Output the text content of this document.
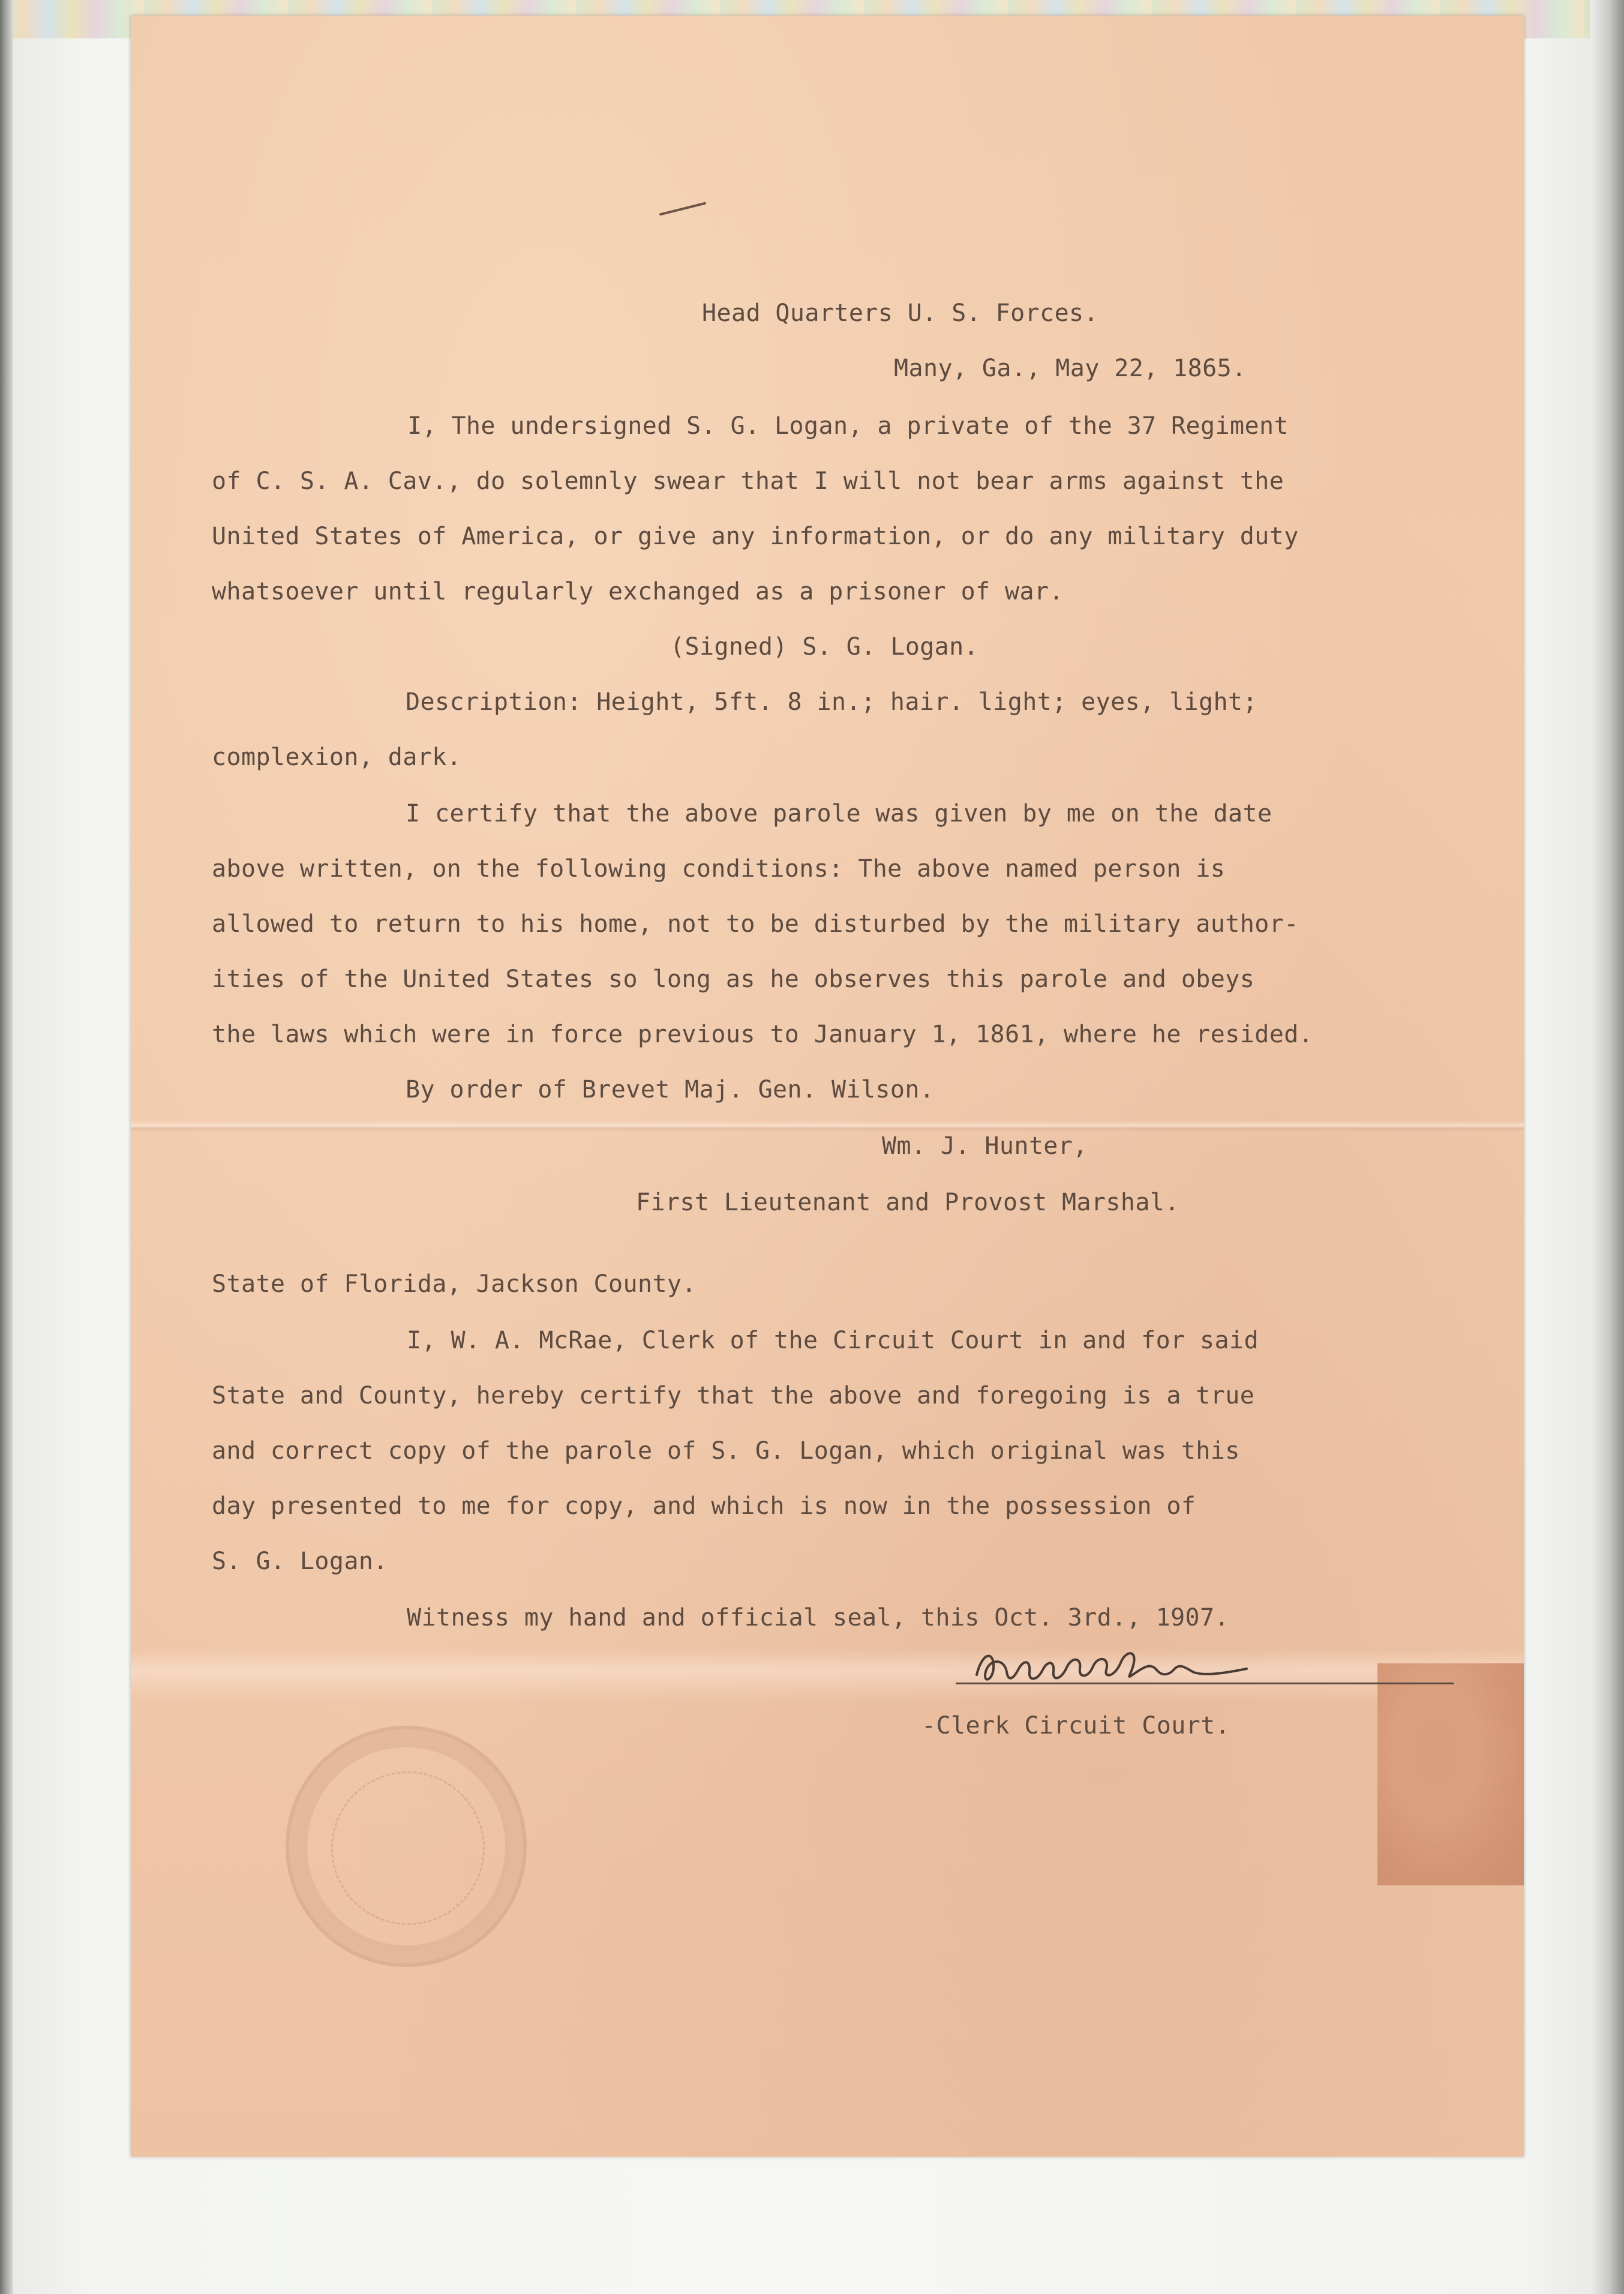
Head Quarters U. S. Forces.
Many, Ga., May 22, 1865.
I, The undersigned S. G. Logan, a private of the 37 Regiment
of C. S. A. Cav., do solemnly swear that I will not bear arms against the
United States of America, or give any information, or do any military duty
whatsoever until regularly exchanged as a prisoner of war.
(Signed) S. G. Logan.
Description: Height, 5ft. 8 in.; hair. light; eyes, light;
complexion, dark.
I certify that the above parole was given by me on the date
above written, on the following conditions: The above named person is
allowed to return to his home, not to be disturbed by the military author-
ities of the United States so long as he observes this parole and obeys
the laws which were in force previous to January 1, 1861, where he resided.
By order of Brevet Maj. Gen. Wilson.
Wm. J. Hunter,
First Lieutenant and Provost Marshal.
State of Florida, Jackson County.
I, W. A. McRae, Clerk of the Circuit Court in and for said
State and County, hereby certify that the above and foregoing is a true
and correct copy of the parole of S. G. Logan, which original was this
day presented to me for copy, and which is now in the possession of
S. G. Logan.
Witness my hand and official seal, this Oct. 3rd., 1907.
-Clerk Circuit Court.
